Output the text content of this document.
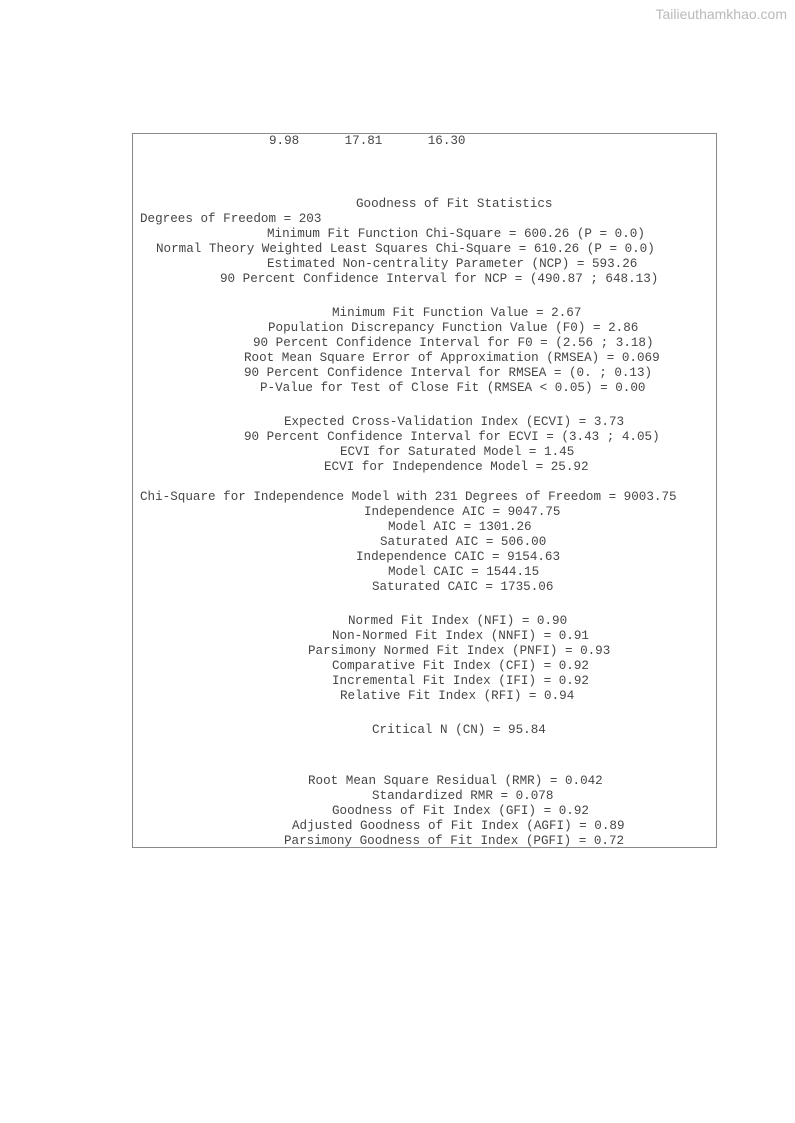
Tailieuthamkhao.com
9.98      17.81      16.30
Goodness of Fit Statistics
Degrees of Freedom = 203
Minimum Fit Function Chi-Square = 600.26 (P = 0.0)
Normal Theory Weighted Least Squares Chi-Square = 610.26 (P = 0.0)
Estimated Non-centrality Parameter (NCP) = 593.26
90 Percent Confidence Interval for NCP = (490.87 ; 648.13)
Minimum Fit Function Value = 2.67
Population Discrepancy Function Value (F0) = 2.86
90 Percent Confidence Interval for F0 = (2.56 ; 3.18)
Root Mean Square Error of Approximation (RMSEA) = 0.069
90 Percent Confidence Interval for RMSEA = (0. ; 0.13)
P-Value for Test of Close Fit (RMSEA < 0.05) = 0.00
Expected Cross-Validation Index (ECVI) = 3.73
90 Percent Confidence Interval for ECVI = (3.43 ; 4.05)
ECVI for Saturated Model = 1.45
ECVI for Independence Model = 25.92
Chi-Square for Independence Model with 231 Degrees of Freedom = 9003.75
Independence AIC = 9047.75
Model AIC = 1301.26
Saturated AIC = 506.00
Independence CAIC = 9154.63
Model CAIC = 1544.15
Saturated CAIC = 1735.06
Normed Fit Index (NFI) = 0.90
Non-Normed Fit Index (NNFI) = 0.91
Parsimony Normed Fit Index (PNFI) = 0.93
Comparative Fit Index (CFI) = 0.92
Incremental Fit Index (IFI) = 0.92
Relative Fit Index (RFI) = 0.94
Critical N (CN) = 95.84
Root Mean Square Residual (RMR) = 0.042
Standardized RMR = 0.078
Goodness of Fit Index (GFI) = 0.92
Adjusted Goodness of Fit Index (AGFI) = 0.89
Parsimony Goodness of Fit Index (PGFI) = 0.72
